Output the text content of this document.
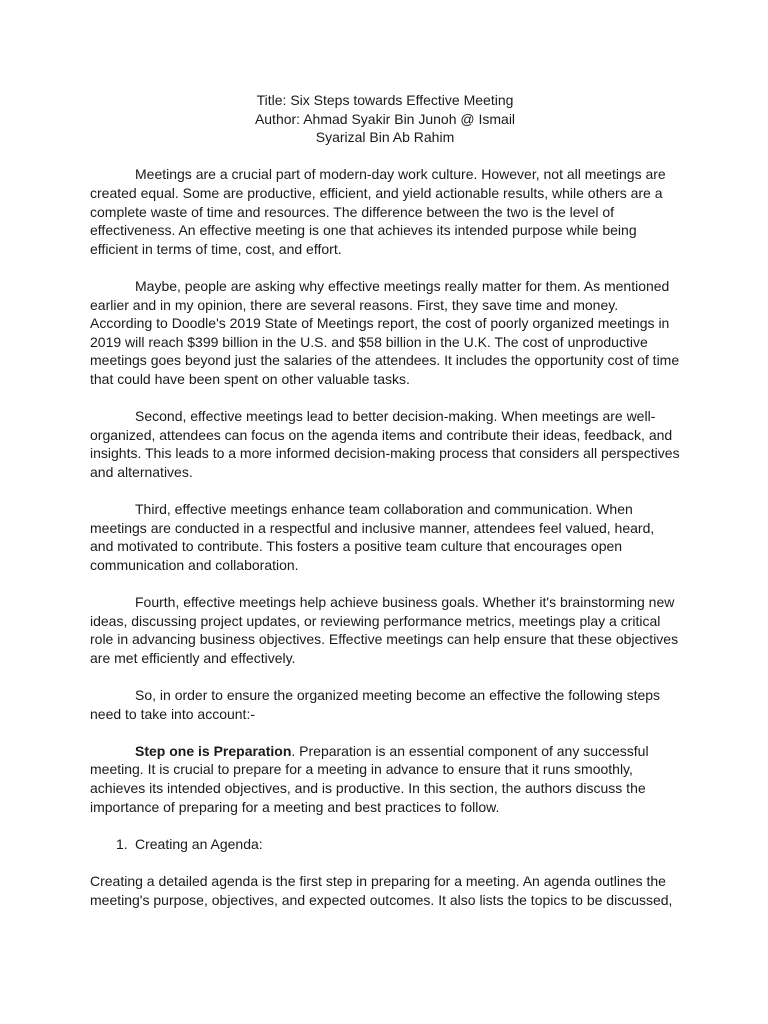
Title: Six Steps towards Effective Meeting
Author: Ahmad Syakir Bin Junoh @ Ismail
Syarizal Bin Ab Rahim

Meetings are a crucial part of modern-day work culture. However, not all meetings are created equal. Some are productive, efficient, and yield actionable results, while others are a complete waste of time and resources. The difference between the two is the level of effectiveness. An effective meeting is one that achieves its intended purpose while being efficient in terms of time, cost, and effort.

Maybe, people are asking why effective meetings really matter for them. As mentioned earlier and in my opinion, there are several reasons. First, they save time and money. According to Doodle's 2019 State of Meetings report, the cost of poorly organized meetings in 2019 will reach $399 billion in the U.S. and $58 billion in the U.K. The cost of unproductive meetings goes beyond just the salaries of the attendees. It includes the opportunity cost of time that could have been spent on other valuable tasks.

Second, effective meetings lead to better decision-making. When meetings are well-organized, attendees can focus on the agenda items and contribute their ideas, feedback, and insights. This leads to a more informed decision-making process that considers all perspectives and alternatives.

Third, effective meetings enhance team collaboration and communication. When meetings are conducted in a respectful and inclusive manner, attendees feel valued, heard, and motivated to contribute. This fosters a positive team culture that encourages open communication and collaboration.

Fourth, effective meetings help achieve business goals. Whether it's brainstorming new ideas, discussing project updates, or reviewing performance metrics, meetings play a critical role in advancing business objectives. Effective meetings can help ensure that these objectives are met efficiently and effectively.

So, in order to ensure the organized meeting become an effective the following steps need to take into account:-

Step one is Preparation. Preparation is an essential component of any successful meeting. It is crucial to prepare for a meeting in advance to ensure that it runs smoothly, achieves its intended objectives, and is productive. In this section, the authors discuss the importance of preparing for a meeting and best practices to follow.

1. Creating an Agenda:

Creating a detailed agenda is the first step in preparing for a meeting. An agenda outlines the meeting's purpose, objectives, and expected outcomes. It also lists the topics to be discussed,
